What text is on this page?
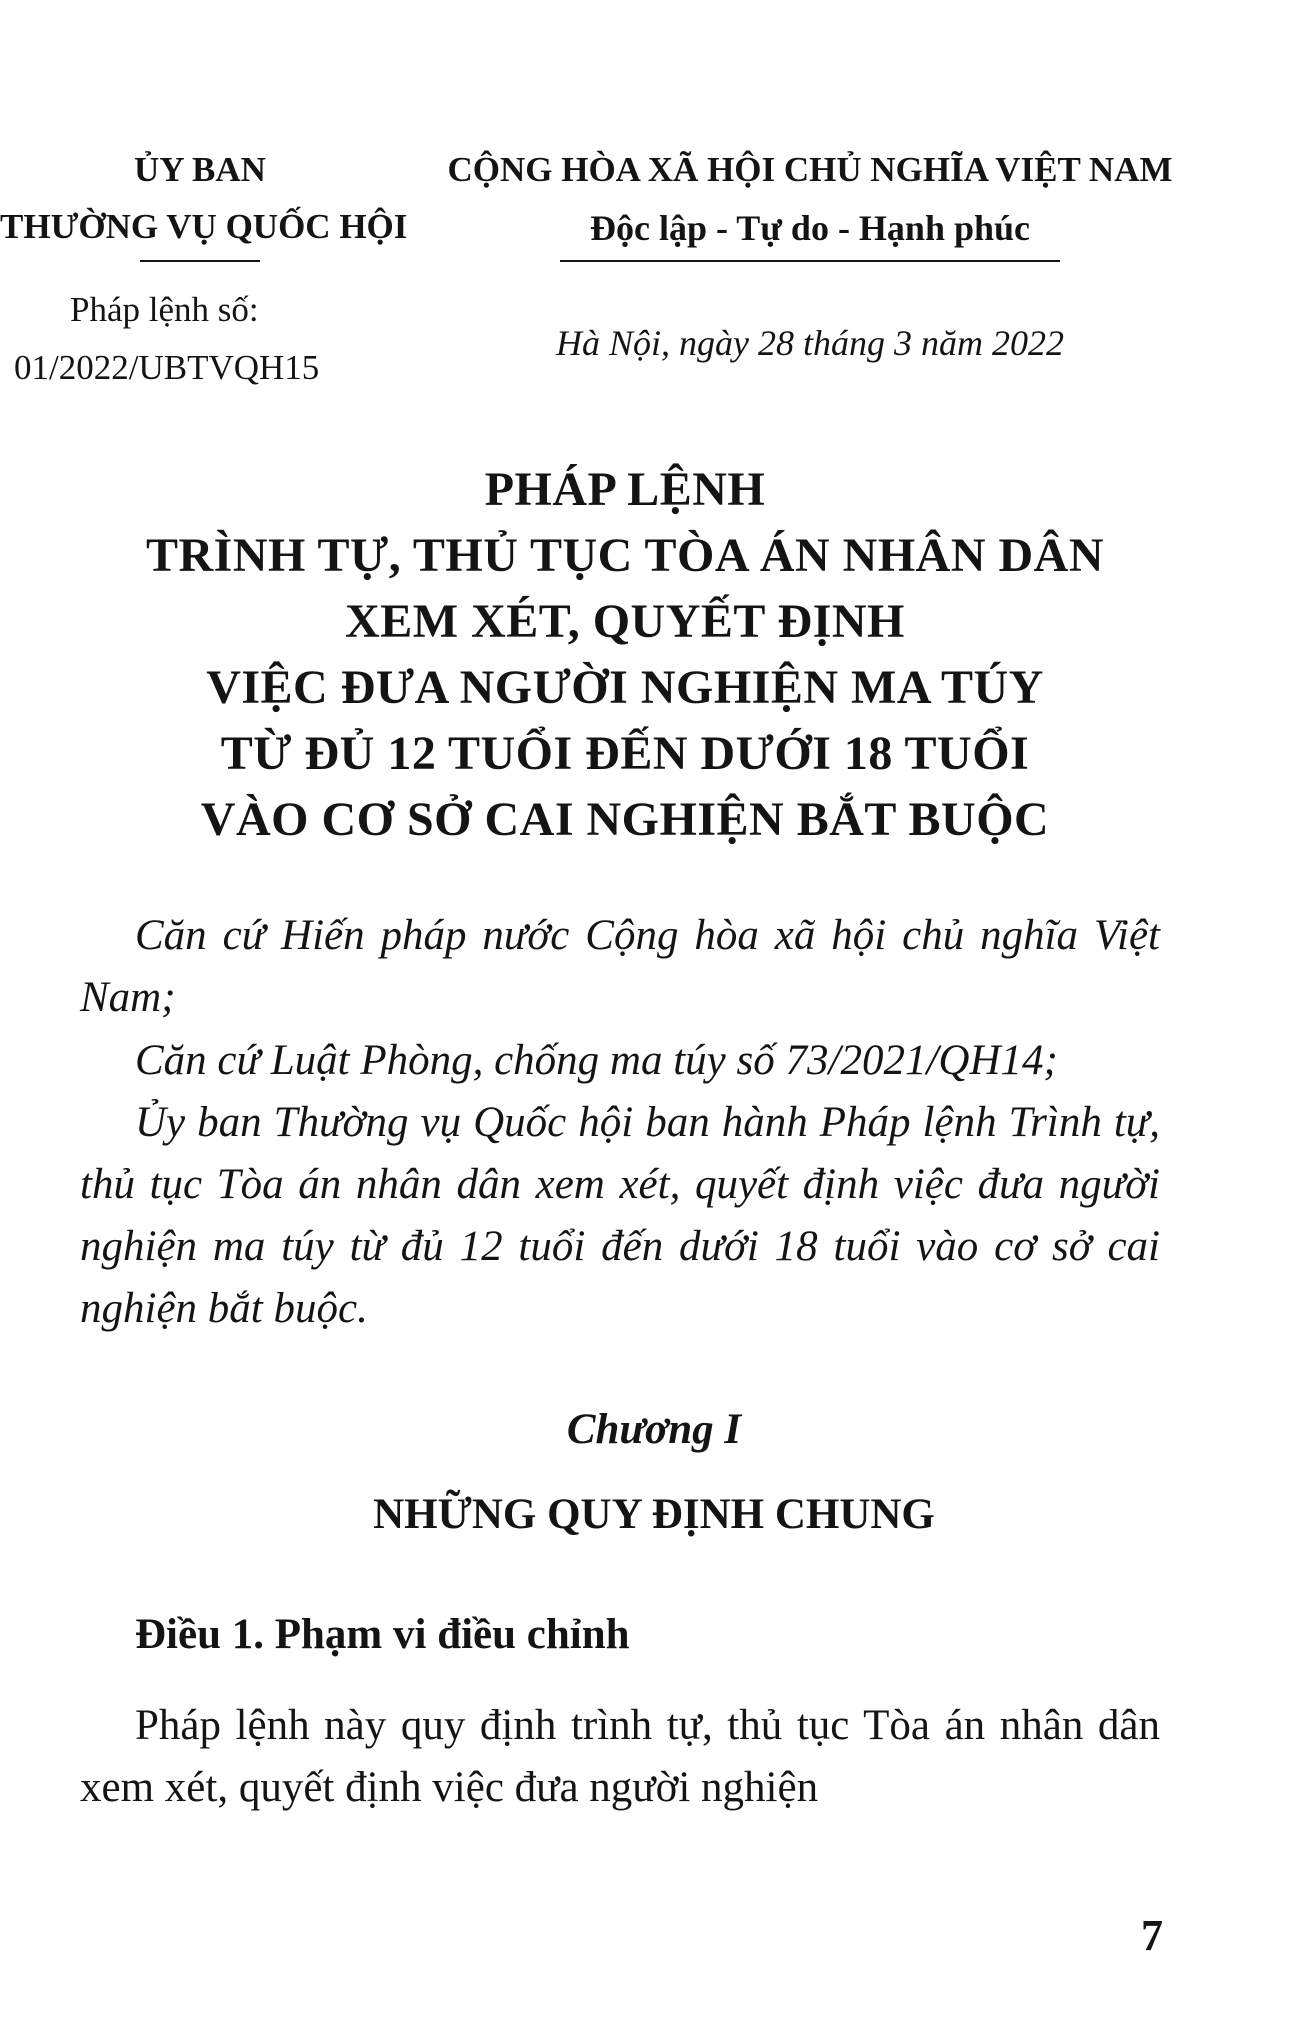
ỦY BAN
THƯỜNG VỤ QUỐC HỘI
Pháp lệnh số:
01/2022/UBTVQH15
CỘNG HÒA XÃ HỘI CHỦ NGHĨA VIỆT NAM
Độc lập - Tự do - Hạnh phúc
Hà Nội, ngày 28 tháng 3 năm 2022
PHÁP LỆNH
TRÌNH TỰ, THỦ TỤC TÒA ÁN NHÂN DÂN
XEM XÉT, QUYẾT ĐỊNH
VIỆC ĐƯA NGƯỜI NGHIỆN MA TÚY
TỪ ĐỦ 12 TUỔI ĐẾN DƯỚI 18 TUỔI
VÀO CƠ SỞ CAI NGHIỆN BẮT BUỘC
Căn cứ Hiến pháp nước Cộng hòa xã hội chủ nghĩa Việt Nam;
Căn cứ Luật Phòng, chống ma túy số 73/2021/QH14;
Ủy ban Thường vụ Quốc hội ban hành Pháp lệnh Trình tự, thủ tục Tòa án nhân dân xem xét, quyết định việc đưa người nghiện ma túy từ đủ 12 tuổi đến dưới 18 tuổi vào cơ sở cai nghiện bắt buộc.
Chương I
NHỮNG QUY ĐỊNH CHUNG
Điều 1. Phạm vi điều chỉnh
Pháp lệnh này quy định trình tự, thủ tục Tòa án nhân dân xem xét, quyết định việc đưa người nghiện
7
